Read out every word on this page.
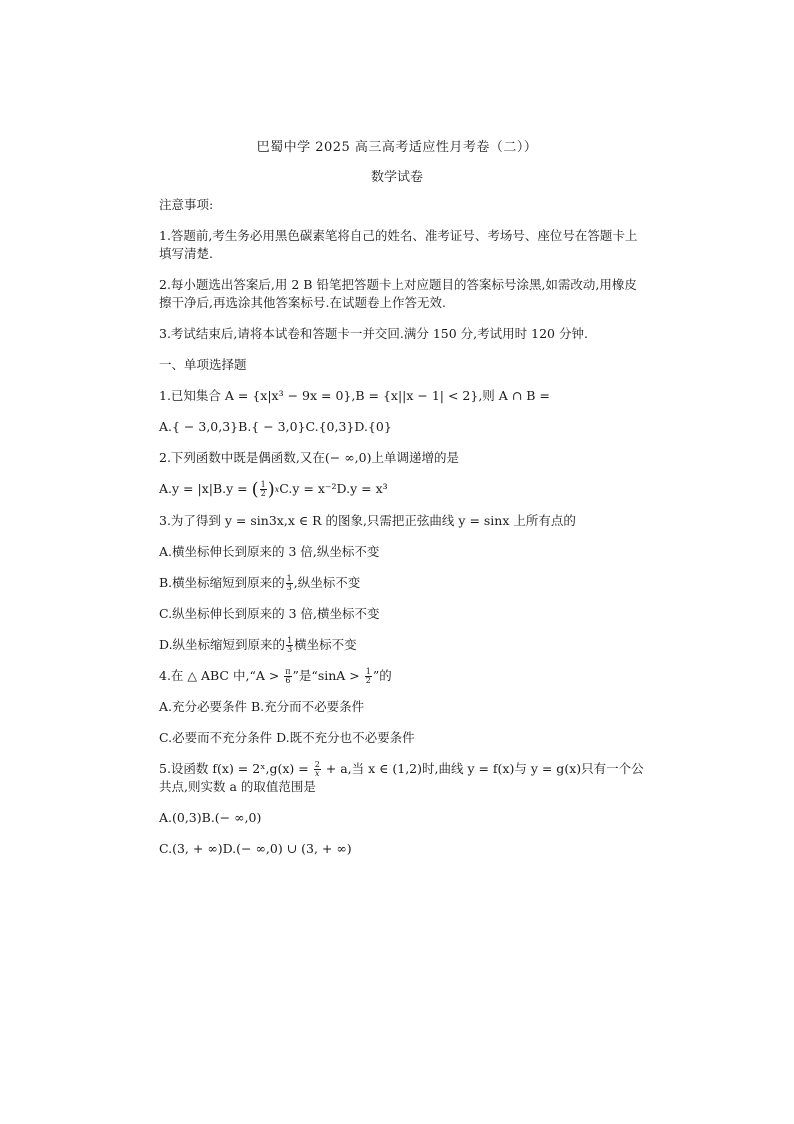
巴蜀中学 2025 高三高考适应性月考卷（二））
数学试卷

注意事项:

1.答题前,考生务必用黑色碳素笔将自己的姓名、准考证号、考场号、座位号在答题卡上填写清楚.

2.每小题选出答案后,用 2 B 铅笔把答题卡上对应题目的答案标号涂黑,如需改动,用橡皮擦干净后,再选涂其他答案标号.在试题卷上作答无效.

3.考试结束后,请将本试卷和答题卡一并交回.满分 150 分,考试用时 120 分钟.

一、单项选择题

1.已知集合 A = {x|x³ − 9x = 0},B = {x||x − 1| < 2},则 A ∩ B =

A.{ − 3,0,3}B.{ − 3,0}C.{0,3}D.{0}

2.下列函数中既是偶函数,又在(− ∞,0)上单调递增的是

A.y = |x|B.y = ( $\frac{1}{2}$ ) x C.y = x⁻²D.y = x³

3.为了得到 y = sin3x,x ∈ R 的图象,只需把正弦曲线 y = sinx 上所有点的

A.横坐标伸长到原来的 3 倍,纵坐标不变

B.横坐标缩短到原来的 $\frac{1}{3}$ ,纵坐标不变

C.纵坐标伸长到原来的 3 倍,横坐标不变

D.纵坐标缩短到原来的 $\frac{1}{3}$ 横坐标不变

4.在 △ ABC 中,“A > $\frac{\pi}{6}$ ”是“$\sin A > \frac{1}{2}$ ”的

A.充分必要条件 B.充分而不必要条件

C.必要而不充分条件 D.既不充分也不必要条件

5.设函数 f(x) = 2ˣ,g(x) = $\frac{2}{x} + a$,当 x ∈ (1,2)时,曲线 y = f(x)与 y = g(x)只有一个公共点,则实数 a 的取值范围是

A.(0,3)B.(− ∞,0)

C.(3, + ∞)D.(− ∞,0) ∪ (3, + ∞)
